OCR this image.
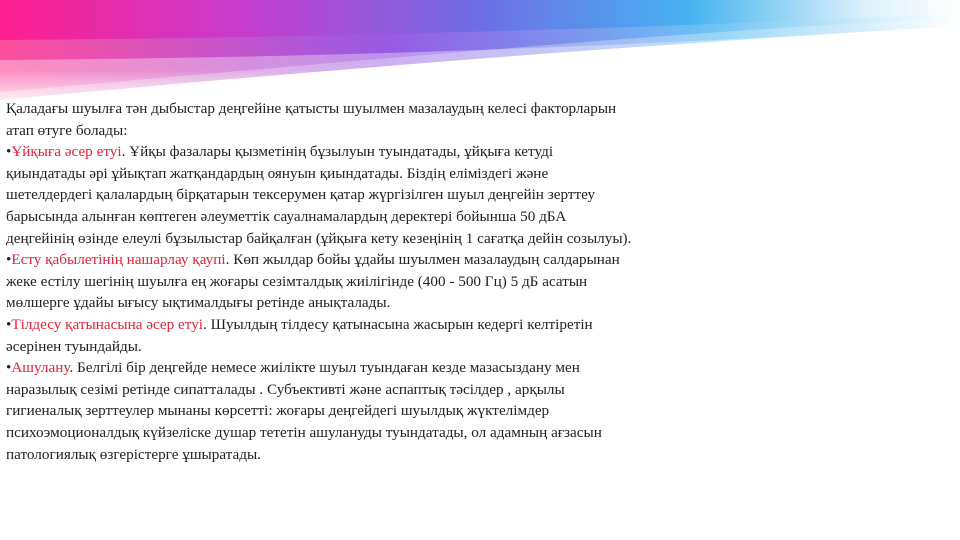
Қаладағы шуылға тән дыбыстар деңгейіне қатысты шуылмен мазалаудың келесі факторларын атап өтуге болады:

•Ұйқыға әсер етуі. Ұйқы фазалары қызметінің бұзылуын туындатады, ұйқыға кетуді қиындатады әрі ұйықтап жатқандардың оянуын қиындатады. Біздің еліміздегі және шетелдердегі қалалардың бірқатарын тексерумен қатар жүргізілген шуыл деңгейін зерттеу барысында алынған көптеген әлеуметтік сауалнамалардың деректері бойынша 50 дБА деңгейінің өзінде елеулі бұзылыстар байқалған (ұйқыға кету кезеңінің 1 сағатқа дейін созылуы).

•Есту қабылетінің нашарлау қаупі. Көп жылдар бойы ұдайы шуылмен мазалаудың салдарынан жеке естілу шегінің шуылға ең жоғары сезімталдық жиілігінде (400 - 500 Гц) 5 дБ асатын мөлшерге ұдайы ығысу ықтималдығы ретінде анықталады.

•Тілдесу қатынасына әсер етуі. Шуылдың тілдесу қатынасына жасырын кедергі келтіретін әсерінен туындайды.

•Ашулану. Белгілі бір деңгейде немесе жиілікте шуыл туындаған кезде мазасыздану мен наразылық сезімі ретінде сипатталады . Субъективті және аспаптық тәсілдер , арқылы гигиеналық зерттеулер мынаны көрсетті: жоғары деңгейдегі шуылдық жүктелімдер психоэмоционалдық күйзеліске душар тететін ашулануды туындатады, ол адамның ағзасын патологиялық өзгерістерге ұшыратады.
